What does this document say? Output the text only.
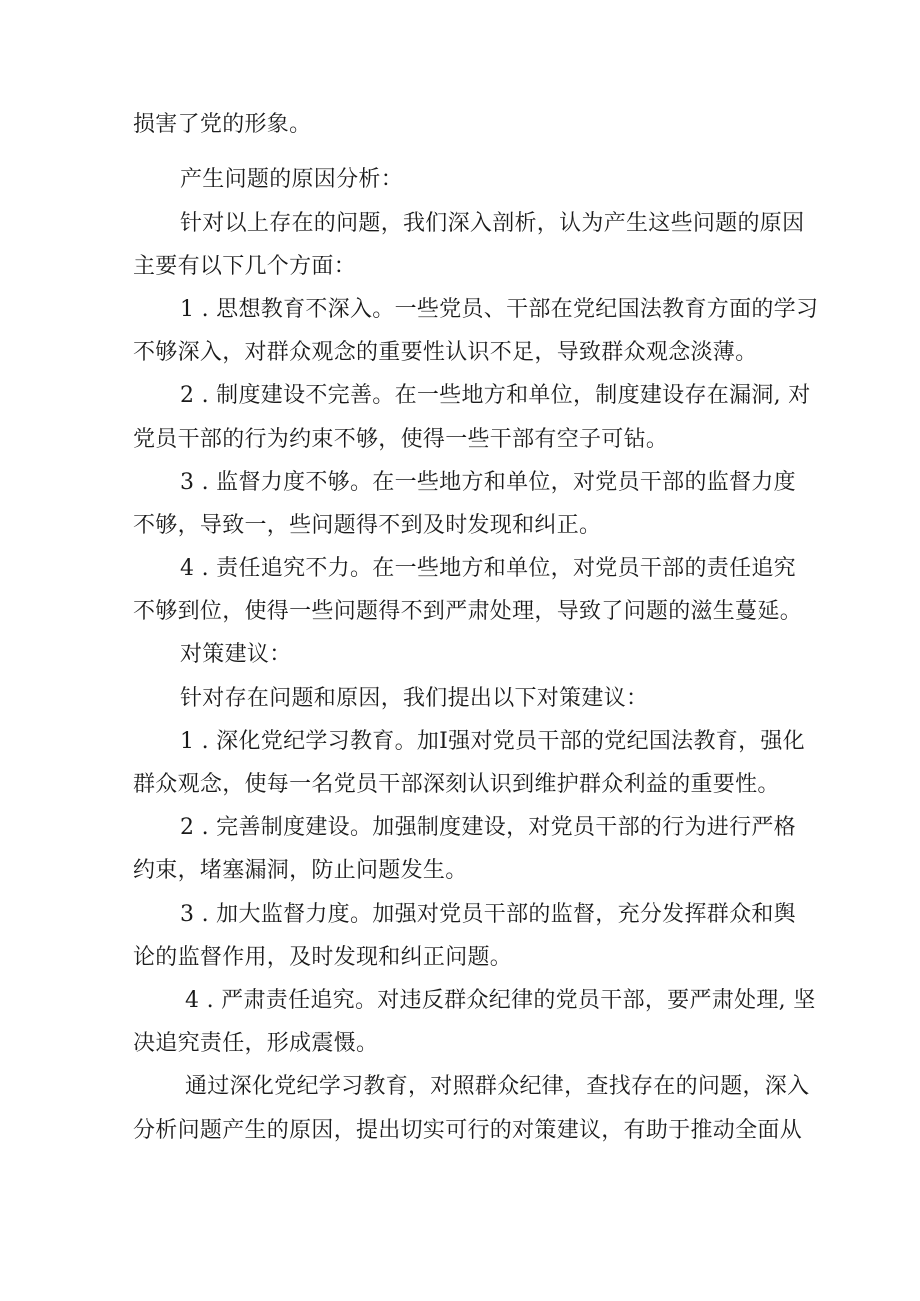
损害了党的形象。
产生问题的原因分析：
针对以上存在的问题，我们深入剖析，认为产生这些问题的原因
主要有以下几个方面：
1 . 思想教育不深入。一些党员、干部在党纪国法教育方面的学习
不够深入，对群众观念的重要性认识不足，导致群众观念淡薄。
2 . 制度建设不完善。在一些地方和单位，制度建设存在漏洞, 对
党员干部的行为约束不够，使得一些干部有空子可钻。
3 . 监督力度不够。在一些地方和单位，对党员干部的监督力度
不够，导致一，些问题得不到及时发现和纠正。
4 . 责任追究不力。在一些地方和单位，对党员干部的责任追究
不够到位，使得一些问题得不到严肃处理，导致了问题的滋生蔓延。
对策建议：
针对存在问题和原因，我们提出以下对策建议：
1 . 深化党纪学习教育。加I强对党员干部的党纪国法教育，强化
群众观念，使每一名党员干部深刻认识到维护群众利益的重要性。
2 . 完善制度建设。加强制度建设，对党员干部的行为进行严格
约束，堵塞漏洞，防止问题发生。
3 . 加大监督力度。加强对党员干部的监督，充分发挥群众和舆
论的监督作用，及时发现和纠正问题。
4 . 严肃责任追究。对违反群众纪律的党员干部，要严肃处理, 坚
决追究责任，形成震慑。
通过深化党纪学习教育，对照群众纪律，查找存在的问题，深入
分析问题产生的原因，提出切实可行的对策建议，有助于推动全面从
